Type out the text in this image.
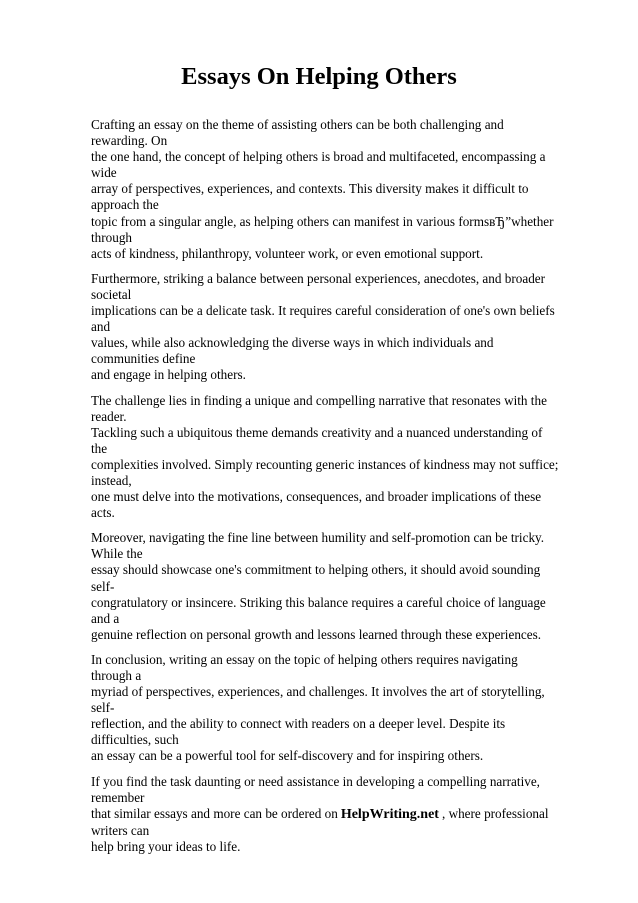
Essays On Helping Others

Crafting an essay on the theme of assisting others can be both challenging and rewarding. On
the one hand, the concept of helping others is broad and multifaceted, encompassing a wide
array of perspectives, experiences, and contexts. This diversity makes it difficult to approach the
topic from a singular angle, as helping others can manifest in various formsвЂ”whether through
acts of kindness, philanthropy, volunteer work, or even emotional support.

Furthermore, striking a balance between personal experiences, anecdotes, and broader societal
implications can be a delicate task. It requires careful consideration of one's own beliefs and
values, while also acknowledging the diverse ways in which individuals and communities define
and engage in helping others.

The challenge lies in finding a unique and compelling narrative that resonates with the reader.
Tackling such a ubiquitous theme demands creativity and a nuanced understanding of the
complexities involved. Simply recounting generic instances of kindness may not suffice; instead,
one must delve into the motivations, consequences, and broader implications of these acts.

Moreover, navigating the fine line between humility and self-promotion can be tricky. While the
essay should showcase one's commitment to helping others, it should avoid sounding self-
congratulatory or insincere. Striking this balance requires a careful choice of language and a
genuine reflection on personal growth and lessons learned through these experiences.

In conclusion, writing an essay on the topic of helping others requires navigating through a
myriad of perspectives, experiences, and challenges. It involves the art of storytelling, self-
reflection, and the ability to connect with readers on a deeper level. Despite its difficulties, such
an essay can be a powerful tool for self-discovery and for inspiring others.

If you find the task daunting or need assistance in developing a compelling narrative, remember
that similar essays and more can be ordered on HelpWriting.net , where professional writers can
help bring your ideas to life.
